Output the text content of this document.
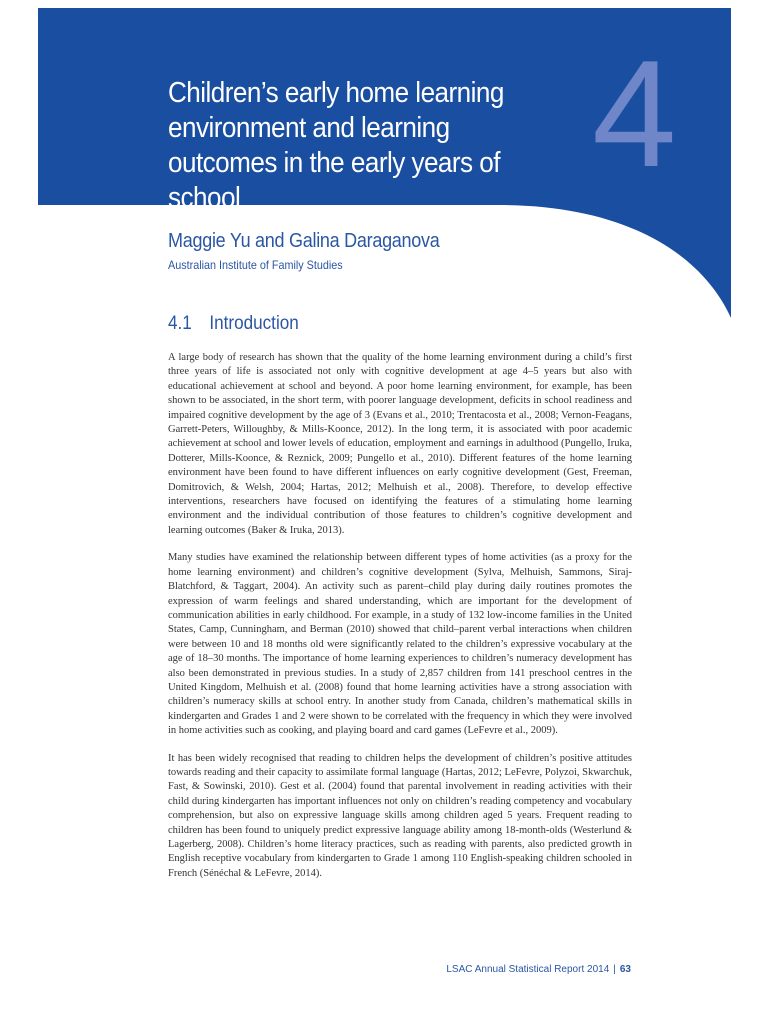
4
Children’s early home learning environment and learning outcomes in the early years of school
Maggie Yu and Galina Daraganova
Australian Institute of Family Studies
4.1 Introduction

A large body of research has shown that the quality of the home learning environment during a child’s first three years of life is associated not only with cognitive development at age 4–5 years but also with educational achievement at school and beyond. A poor home learning environment, for example, has been shown to be associated, in the short term, with poorer language development, deficits in school readiness and impaired cognitive development by the age of 3 (Evans et al., 2010; Trentacosta et al., 2008; Vernon-Feagans, Garrett-Peters, Willoughby, & Mills-Koonce, 2012). In the long term, it is associated with poor academic achievement at school and lower levels of education, employment and earnings in adulthood (Pungello, Iruka, Dotterer, Mills-Koonce, & Reznick, 2009; Pungello et al., 2010). Different features of the home learning environment have been found to have different influences on early cognitive development (Gest, Freeman, Domitrovich, & Welsh, 2004; Hartas, 2012; Melhuish et al., 2008). Therefore, to develop effective interventions, researchers have focused on identifying the features of a stimulating home learning environment and the individual contribution of those features to children’s cognitive development and learning outcomes (Baker & Iruka, 2013).

Many studies have examined the relationship between different types of home activities (as a proxy for the home learning environment) and children’s cognitive development (Sylva, Melhuish, Sammons, Siraj-Blatchford, & Taggart, 2004). An activity such as parent–child play during daily routines promotes the expression of warm feelings and shared understanding, which are important for the development of communication abilities in early childhood. For example, in a study of 132 low-income families in the United States, Camp, Cunningham, and Berman (2010) showed that child–parent verbal interactions when children were between 10 and 18 months old were significantly related to the children’s expressive vocabulary at the age of 18–30 months. The importance of home learning experiences to children’s numeracy development has also been demonstrated in previous studies. In a study of 2,857 children from 141 preschool centres in the United Kingdom, Melhuish et al. (2008) found that home learning activities have a strong association with children’s numeracy skills at school entry. In another study from Canada, children’s mathematical skills in kindergarten and Grades 1 and 2 were shown to be correlated with the frequency in which they were involved in home activities such as cooking, and playing board and card games (LeFevre et al., 2009).

It has been widely recognised that reading to children helps the development of children’s positive attitudes towards reading and their capacity to assimilate formal language (Hartas, 2012; LeFevre, Polyzoi, Skwarchuk, Fast, & Sowinski, 2010). Gest et al. (2004) found that parental involvement in reading activities with their child during kindergarten has important influences not only on children’s reading competency and vocabulary comprehension, but also on expressive language skills among children aged 5 years. Frequent reading to children has been found to uniquely predict expressive language ability among 18-month-olds (Westerlund & Lagerberg, 2008). Children’s home literacy practices, such as reading with parents, also predicted growth in English receptive vocabulary from kindergarten to Grade 1 among 110 English-speaking children schooled in French (Sénéchal & LeFevre, 2014).

LSAC Annual Statistical Report 2014 | 63
